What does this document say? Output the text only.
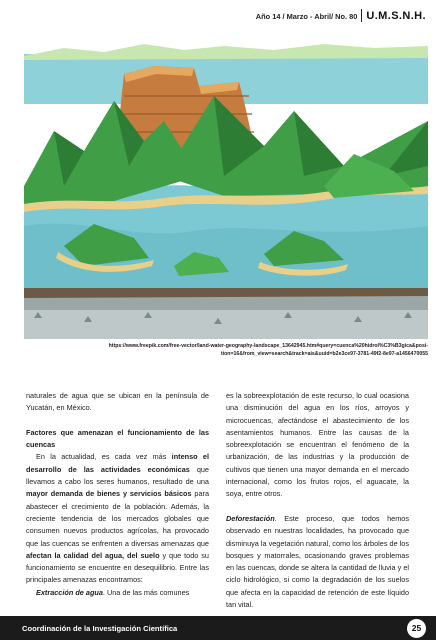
Año 14 / Marzo - Abril/ No. 80 U.M.S.N.H.
https://www.freepik.com/free-vector/land-water-geography-landscape_13642945.htm#query=cuenca%20hidrol%C3%B3gica&posi-
tion=16&from_view=search&track=ais&uuid=b2e3ce97-3781-49f2-8e97-a1456470055

naturales de agua que se ubican en la península de Yucatán, en México.

Factores que amenazan el funcionamiento de las cuencas

En la actualidad, es cada vez más intenso el desarrollo de las actividades económicas que llevamos a cabo los seres humanos, resultado de una mayor demanda de bienes y servicios básicos para abastecer el crecimiento de la población. Además, la creciente tendencia de los mercados globales que consumen nuevos productos agrícolas, ha provocado que las cuencas se enfrenten a diversas amenazas que afectan la calidad del agua, del suelo y que todo su funcionamiento se encuentre en desequilibrio. Entre las principales amenazas encontramos:

Extracción de agua. Una de las más comunes

es la sobreexplotación de este recurso, lo cual ocasiona una disminución del agua en los ríos, arroyos y microcuencas, afectándose el abastecimiento de los asentamientos humanos. Entre las causas de la sobreexplotación se encuentran el fenómeno de la urbanización, de las industrias y la producción de cultivos que tienen una mayor demanda en el mercado internacional, como los frutos rojos, el aguacate, la soya, entre otros.

Deforestación. Este proceso, que todos hemos observado en nuestras localidades, ha provocado que disminuya la vegetación natural, como los árboles de los bosques y matorrales, ocasionando graves problemas en las cuencas, donde se altera la cantidad de lluvia y el ciclo hidrológico, si como la degradación de los suelos que afecta en la capacidad de retención de este líquido tan vital.

Coordinación de la Investigación Científica	25
